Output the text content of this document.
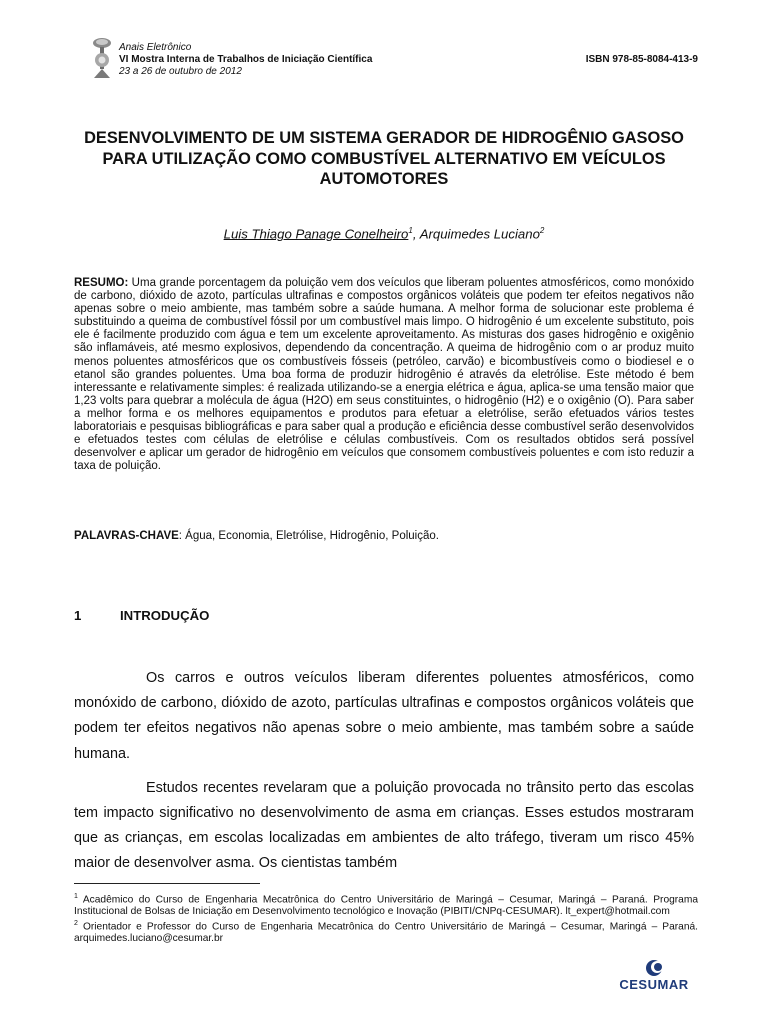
Anais Eletrônico
VI Mostra Interna de Trabalhos de Iniciação Científica
23 a 26 de outubro de 2012
ISBN 978-85-8084-413-9
DESENVOLVIMENTO DE UM SISTEMA GERADOR DE HIDROGÊNIO GASOSO PARA UTILIZAÇÃO COMO COMBUSTÍVEL ALTERNATIVO EM VEÍCULOS AUTOMOTORES
Luis Thiago Panage Conelheiro$^1$, Arquimedes Luciano$^2$
RESUMO: Uma grande porcentagem da poluição vem dos veículos que liberam poluentes atmosféricos, como monóxido de carbono, dióxido de azoto, partículas ultrafinas e compostos orgânicos voláteis que podem ter efeitos negativos não apenas sobre o meio ambiente, mas também sobre a saúde humana. A melhor forma de solucionar este problema é substituindo a queima de combustível fóssil por um combustível mais limpo. O hidrogênio é um excelente substituto, pois ele é facilmente produzido com água e tem um excelente aproveitamento. As misturas dos gases hidrogênio e oxigênio são inflamáveis, até mesmo explosivos, dependendo da concentração. A queima de hidrogênio com o ar produz muito menos poluentes atmosféricos que os combustíveis fósseis (petróleo, carvão) e bicombustíveis como o biodiesel e o etanol são grandes poluentes. Uma boa forma de produzir hidrogênio é através da eletrólise. Este método é bem interessante e relativamente simples: é realizada utilizando-se a energia elétrica e água, aplica-se uma tensão maior que 1,23 volts para quebrar a molécula de água (H2O) em seus constituintes, o hidrogênio (H2) e o oxigênio (O). Para saber a melhor forma e os melhores equipamentos e produtos para efetuar a eletrólise, serão efetuados vários testes laboratoriais e pesquisas bibliográficas e para saber qual a produção e eficiência desse combustível serão desenvolvidos e efetuados testes com células de eletrólise e células combustíveis. Com os resultados obtidos será possível desenvolver e aplicar um gerador de hidrogênio em veículos que consomem combustíveis poluentes e com isto reduzir a taxa de poluição.
PALAVRAS-CHAVE: Água, Economia, Eletrólise, Hidrogênio, Poluição.
1	INTRODUÇÃO

Os carros e outros veículos liberam diferentes poluentes atmosféricos, como monóxido de carbono, dióxido de azoto, partículas ultrafinas e compostos orgânicos voláteis que podem ter efeitos negativos não apenas sobre o meio ambiente, mas também sobre a saúde humana.

Estudos recentes revelaram que a poluição provocada no trânsito perto das escolas tem impacto significativo no desenvolvimento de asma em crianças. Esses estudos mostraram que as crianças, em escolas localizadas em ambientes de alto tráfego, tiveram um risco 45% maior de desenvolver asma. Os cientistas também

$^1$ Acadêmico do Curso de Engenharia Mecatrônica do Centro Universitário de Maringá – Cesumar, Maringá – Paraná. Programa Institucional de Bolsas de Iniciação em Desenvolvimento tecnológico e Inovação (PIBITI/CNPq-CESUMAR). lt_expert@hotmail.com
$^2$ Orientador e Professor do Curso de Engenharia Mecatrônica do Centro Universitário de Maringá – Cesumar, Maringá – Paraná. arquimedes.luciano@cesumar.br
CESUMAR
